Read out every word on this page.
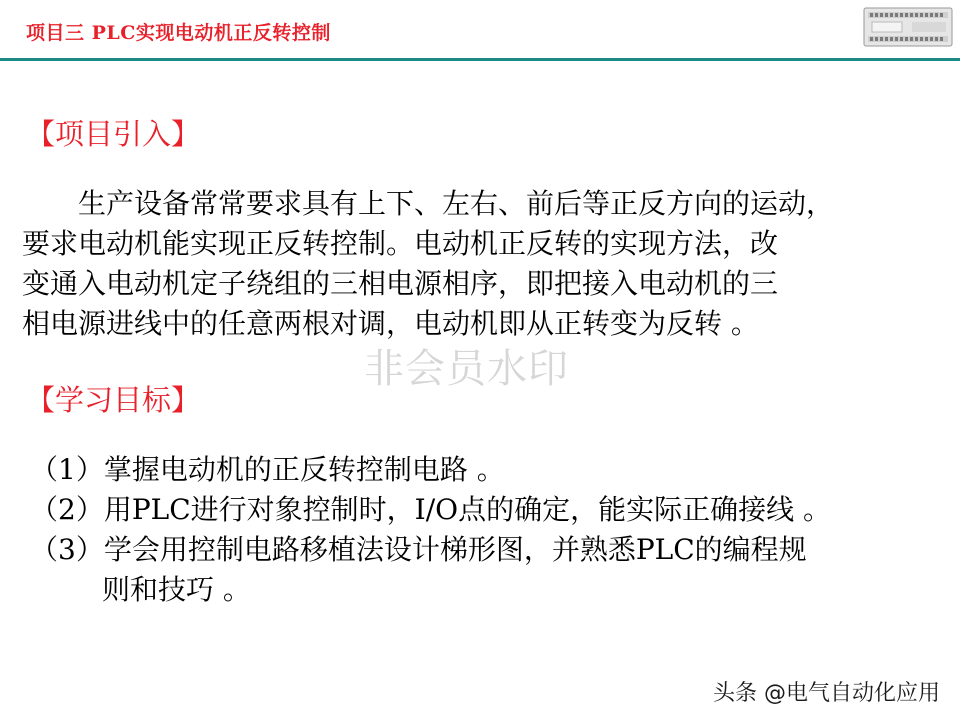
项目三 PLC实现电动机正反转控制
【项目引入】
生产设备常常要求具有上下、左右、前后等正反方向的运动，
要求电动机能实现正反转控制。电动机正反转的实现方法，改
变通入电动机定子绕组的三相电源相序，即把接入电动机的三
相电源进线中的任意两根对调，电动机即从正转变为反转 。
非会员水印
【学习目标】
（1）掌握电动机的正反转控制电路 。
（2）用PLC进行对象控制时，I/O点的确定，能实际正确接线 。
（3）学会用控制电路移植法设计梯形图，并熟悉PLC的编程规
则和技巧 。
头条 @电气自动化应用
